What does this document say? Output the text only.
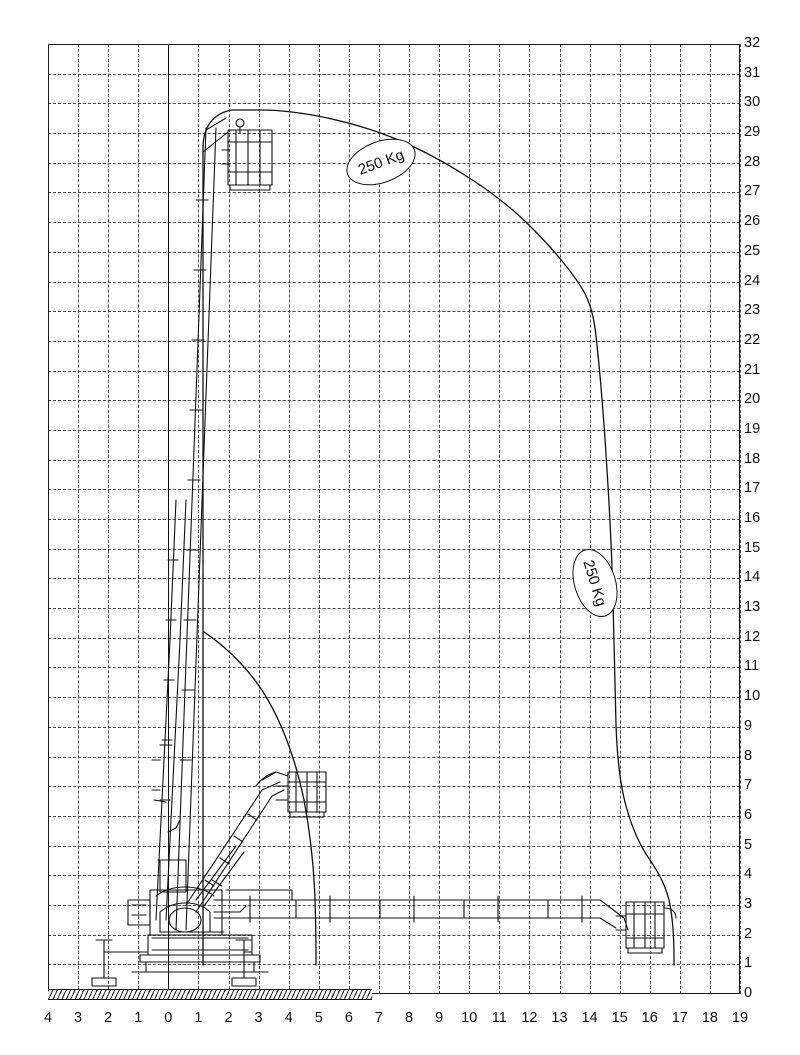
250 Kg
250 Kg
0
1
2
3
4
5
6
7
8
9
10
11
12
13
14
15
16
17
18
19
20
21
22
23
24
25
26
27
28
29
30
31
32
4	3	2	1	0	1	2	3	4	5	6	7	8	9	10	11 12 13 14 15 16 17 18 19
